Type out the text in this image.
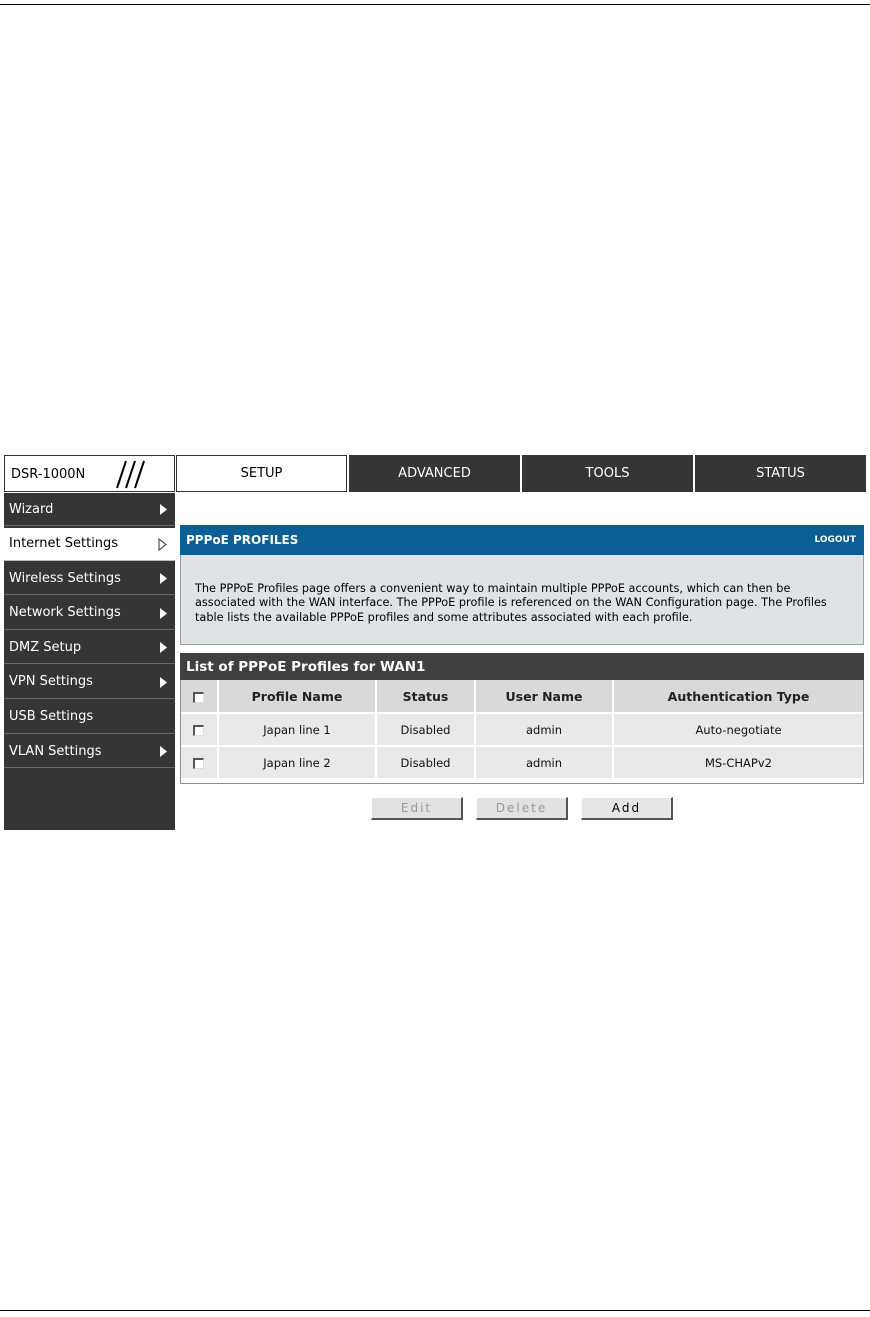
DSR-1000N	SETUP	ADVANCED	TOOLS	STATUS
Wizard
Internet Settings
Wireless Settings
Network Settings
DMZ Setup
VPN Settings
USB Settings
VLAN Settings
PPPoE PROFILES	LOGOUT
The PPPoE Profiles page offers a convenient way to maintain multiple PPPoE accounts, which can then be associated with the WAN interface. The PPPoE profile is referenced on the WAN Configuration page. The Profiles table lists the available PPPoE profiles and some attributes associated with each profile.
List of PPPoE Profiles for WAN1
	Profile Name	Status	User Name	Authentication Type
	Japan line 1	Disabled	admin	Auto-negotiate
	Japan line 2	Disabled	admin	MS-CHAPv2
Edit	Delete	Add
